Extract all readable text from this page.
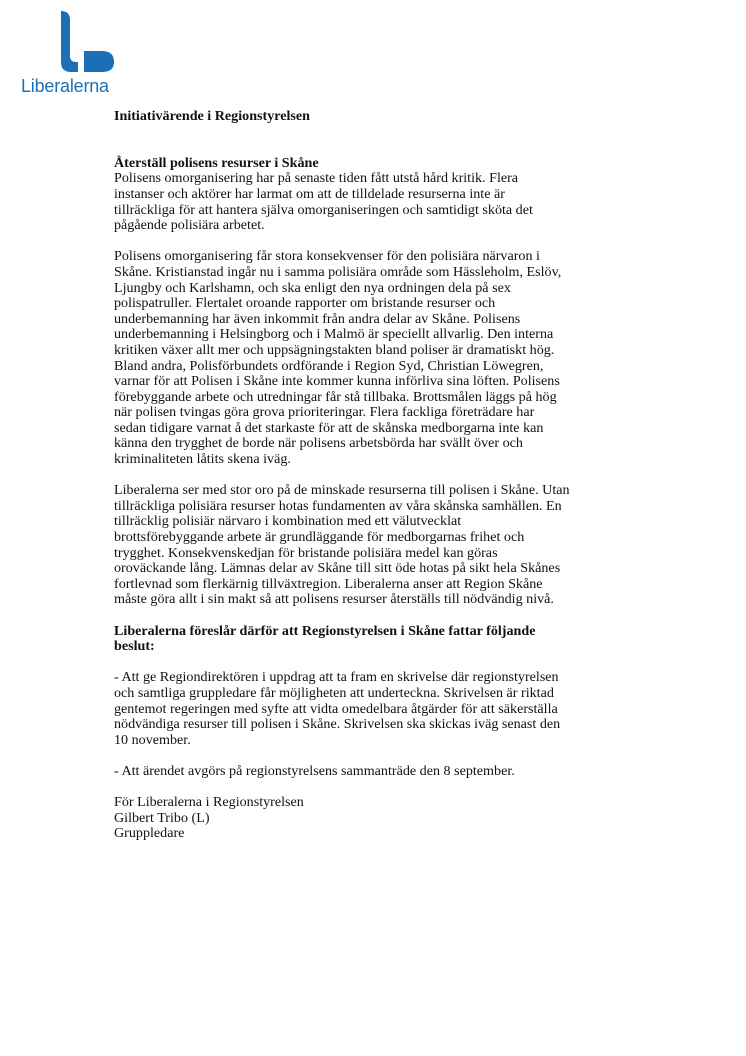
Liberalerna

Initiativärende i Regionstyrelsen

Återställ polisens resurser i Skåne

Polisens omorganisering har på senaste tiden fått utstå hård kritik. Flera
instanser och aktörer har larmat om att de tilldelade resurserna inte är
tillräckliga för att hantera själva omorganiseringen och samtidigt sköta det
pågående polisiära arbetet.

Polisens omorganisering får stora konsekvenser för den polisiära närvaron i
Skåne. Kristianstad ingår nu i samma polisiära område som Hässleholm, Eslöv,
Ljungby och Karlshamn, och ska enligt den nya ordningen dela på sex
polispatruller. Flertalet oroande rapporter om bristande resurser och
underbemanning har även inkommit från andra delar av Skåne. Polisens
underbemanning i Helsingborg och i Malmö är speciellt allvarlig. Den interna
kritiken växer allt mer och uppsägningstakten bland poliser är dramatiskt hög.
Bland andra, Polisförbundets ordförande i Region Syd, Christian Löwegren,
varnar för att Polisen i Skåne inte kommer kunna införliva sina löften. Polisens
förebyggande arbete och utredningar får stå tillbaka. Brottsmålen läggs på hög
när polisen tvingas göra grova prioriteringar. Flera fackliga företrädare har
sedan tidigare varnat å det starkaste för att de skånska medborgarna inte kan
känna den trygghet de borde när polisens arbetsbörda har svällt över och
kriminaliteten låtits skena iväg.

Liberalerna ser med stor oro på de minskade resurserna till polisen i Skåne. Utan
tillräckliga polisiära resurser hotas fundamenten av våra skånska samhällen. En
tillräcklig polisiär närvaro i kombination med ett välutvecklat
brottsförebyggande arbete är grundläggande för medborgarnas frihet och
trygghet. Konsekvenskedjan för bristande polisiära medel kan göras
oroväckande lång. Lämnas delar av Skåne till sitt öde hotas på sikt hela Skånes
fortlevnad som flerkärnig tillväxtregion. Liberalerna anser att Region Skåne
måste göra allt i sin makt så att polisens resurser återställs till nödvändig nivå.

Liberalerna föreslår därför att Regionstyrelsen i Skåne fattar följande
beslut:

- Att ge Regiondirektören i uppdrag att ta fram en skrivelse där regionstyrelsen
och samtliga gruppledare får möjligheten att underteckna. Skrivelsen är riktad
gentemot regeringen med syfte att vidta omedelbara åtgärder för att säkerställa
nödvändiga resurser till polisen i Skåne. Skrivelsen ska skickas iväg senast den
10 november.

- Att ärendet avgörs på regionstyrelsens sammanträde den 8 september.

För Liberalerna i Regionstyrelsen
Gilbert Tribo (L)
Gruppledare
